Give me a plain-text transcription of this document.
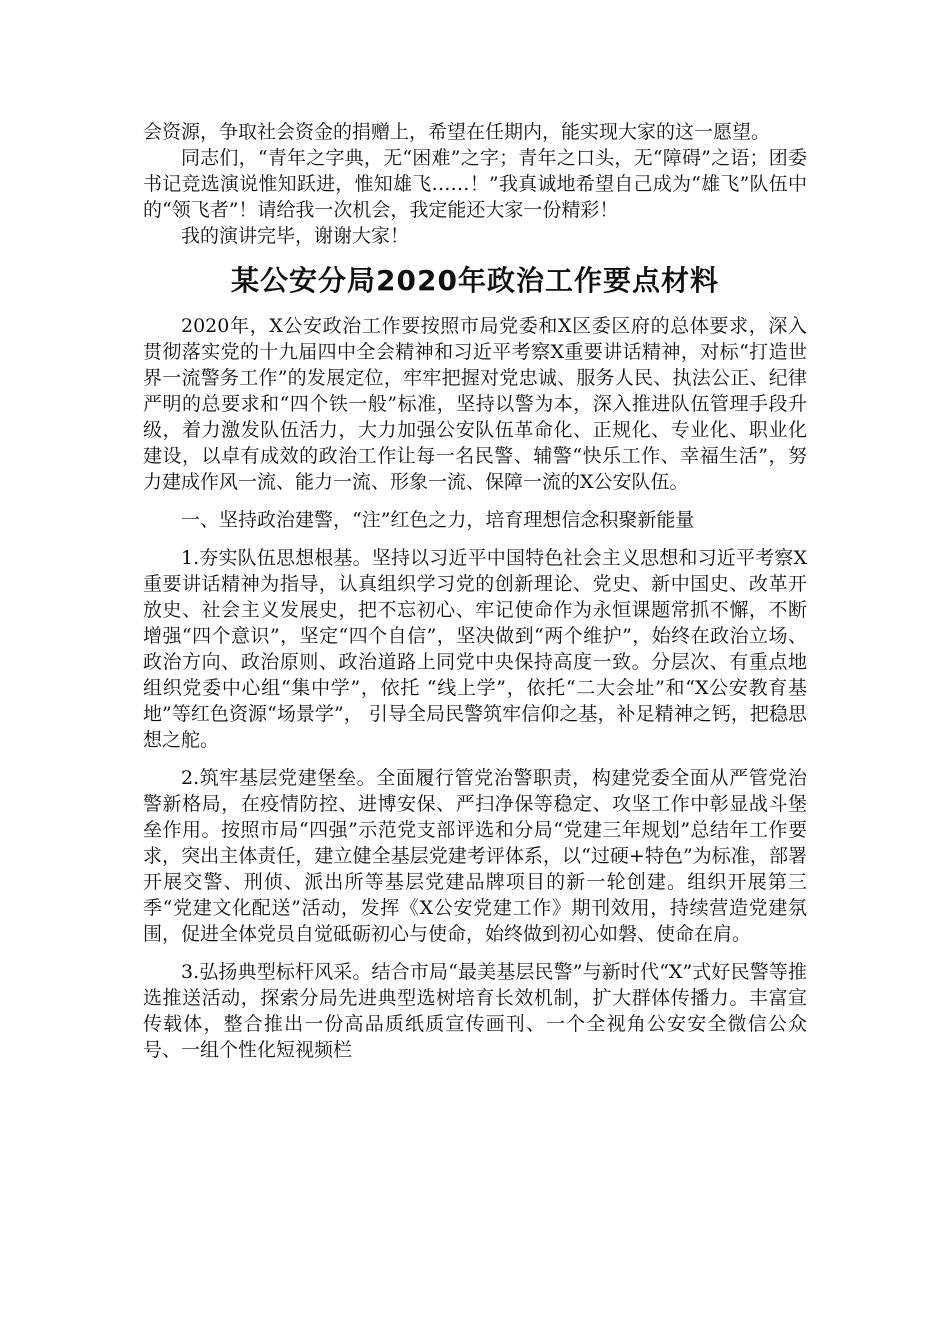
会资源，争取社会资金的捐赠上，希望在任期内，能实现大家的这一愿望。

同志们，“青年之字典，无“困难”之字；青年之口头，无“障碍”之语；团委书记竞选演说惟知跃进，惟知雄飞……！”我真诚地希望自己成为“雄飞”队伍中的“领飞者”！请给我一次机会，我定能还大家一份精彩！

我的演讲完毕，谢谢大家！

某公安分局2020年政治工作要点材料

2020年，X公安政治工作要按照市局党委和X区委区府的总体要求，深入贯彻落实党的十九届四中全会精神和习近平考察X重要讲话精神，对标“打造世界一流警务工作”的发展定位，牢牢把握对党忠诚、服务人民、执法公正、纪律严明的总要求和“四个铁一般”标准，坚持以警为本，深入推进队伍管理手段升级，着力激发队伍活力，大力加强公安队伍革命化、正规化、专业化、职业化建设，以卓有成效的政治工作让每一名民警、辅警“快乐工作、幸福生活”，努力建成作风一流、能力一流、形象一流、保障一流的X公安队伍。

一、坚持政治建警，“注”红色之力，培育理想信念积聚新能量

1.夯实队伍思想根基。坚持以习近平中国特色社会主义思想和习近平考察X重要讲话精神为指导，认真组织学习党的创新理论、党史、新中国史、改革开放史、社会主义发展史，把不忘初心、牢记使命作为永恒课题常抓不懈，不断增强“四个意识”，坚定“四个自信”，坚决做到“两个维护”，始终在政治立场、政治方向、政治原则、政治道路上同党中央保持高度一致。分层次、有重点地组织党委中心组“集中学”，依托 “线上学”，依托“二大会址”和“X公安教育基地”等红色资源“场景学”， 引导全局民警筑牢信仰之基，补足精神之钙，把稳思想之舵。

2.筑牢基层党建堡垒。全面履行管党治警职责，构建党委全面从严管党治警新格局，在疫情防控、进博安保、严扫净保等稳定、攻坚工作中彰显战斗堡垒作用。按照市局“四强”示范党支部评选和分局“党建三年规划”总结年工作要求，突出主体责任，建立健全基层党建考评体系，以“过硬+特色”为标准，部署开展交警、刑侦、派出所等基层党建品牌项目的新一轮创建。组织开展第三季“党建文化配送”活动，发挥《X公安党建工作》期刊效用，持续营造党建氛围，促进全体党员自觉砥砺初心与使命，始终做到初心如磐、使命在肩。

3.弘扬典型标杆风采。结合市局“最美基层民警”与新时代“X”式好民警等推选推送活动，探索分局先进典型选树培育长效机制，扩大群体传播力。丰富宣传载体，整合推出一份高品质纸质宣传画刊、一个全视角公安安全微信公众号、一组个性化短视频栏
